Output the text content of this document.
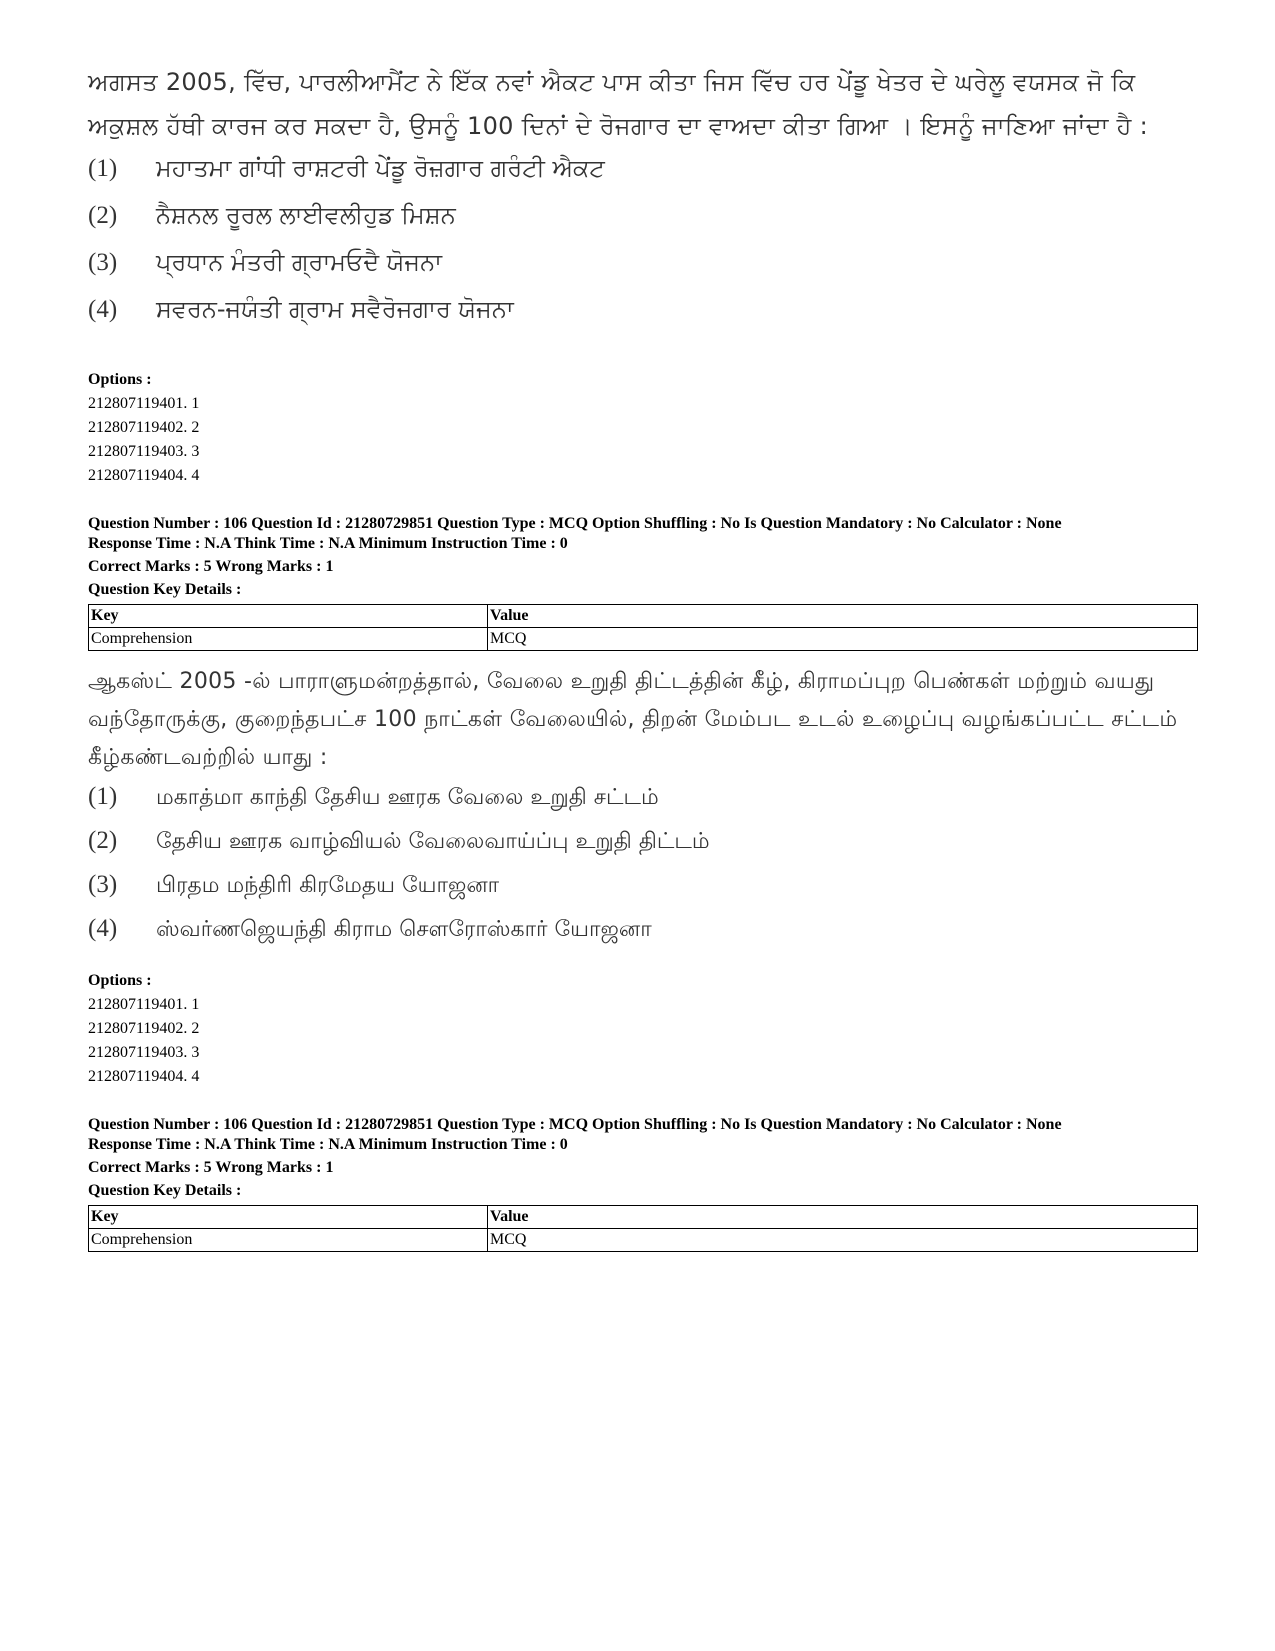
ਅਗਸਤ 2005, ਵਿੱਚ, ਪਾਰਲੀਆਮੈਂਟ ਨੇ ਇੱਕ ਨਵਾਂ ਐਕਟ ਪਾਸ ਕੀਤਾ ਜਿਸ ਵਿੱਚ ਹਰ ਪੇਂਡੂ ਖੇਤਰ ਦੇ ਘਰੇਲੂ ਵਯਸਕ ਜੋ ਕਿ ਅਕੁਸ਼ਲ ਹੱਥੀ ਕਾਰਜ ਕਰ ਸਕਦਾ ਹੈ, ਉਸਨੂੰ 100 ਦਿਨਾਂ ਦੇ ਰੋਜਗਾਰ ਦਾ ਵਾਅਦਾ ਕੀਤਾ ਗਿਆ । ਇਸਨੂੰ ਜਾਣਿਆ ਜਾਂਦਾ ਹੈ :
(1)	ਮਹਾਤਮਾ ਗਾਂਧੀ ਰਾਸ਼ਟਰੀ ਪੇਂਡੂ ਰੋਜ਼ਗਾਰ ਗਰੰਟੀ ਐਕਟ
(2)	ਨੈਸ਼ਨਲ ਰੂਰਲ ਲਾਈਵਲੀਹੁਡ ਮਿਸ਼ਨ
(3)	ਪ੍ਰਧਾਨ ਮੰਤਰੀ ਗ੍ਰਾਮਓਦੈ ਯੋਜਨਾ
(4)	ਸਵਰਨ-ਜਯੰਤੀ ਗ੍ਰਾਮ ਸਵੈਰੋਜਗਾਰ ਯੋਜਨਾ

Options :

212807119401. 1

212807119402. 2

212807119403. 3

212807119404. 4

Question Number : 106 Question Id : 21280729851 Question Type : MCQ Option Shuffling : No Is Question Mandatory : No Calculator : None

Response Time : N.A Think Time : N.A Minimum Instruction Time : 0

Correct Marks : 5 Wrong Marks : 1

Question Key Details :

Key	Value
Comprehension	MCQ
ஆகஸ்ட் 2005 -ல் பாராளுமன்றத்தால், வேலை உறுதி திட்டத்தின் கீழ், கிராமப்புற பெண்கள் மற்றும் வயது வந்தோருக்கு, குறைந்தபட்ச 100 நாட்கள் வேலையில், திறன் மேம்பட உடல் உழைப்பு வழங்கப்பட்ட சட்டம் கீழ்கண்டவற்றில் யாது :
(1)	மகாத்மா காந்தி தேசிய ஊரக வேலை உறுதி சட்டம்
(2)	தேசிய ஊரக வாழ்வியல் வேலைவாய்ப்பு உறுதி திட்டம்
(3)	பிரதம மந்திரி கிரமேதய யோஜனா
(4)	ஸ்வர்ணஜெயந்தி கிராம சௌரோஸ்கார் யோஜனா

Options :

212807119401. 1

212807119402. 2

212807119403. 3

212807119404. 4

Question Number : 106 Question Id : 21280729851 Question Type : MCQ Option Shuffling : No Is Question Mandatory : No Calculator : None

Response Time : N.A Think Time : N.A Minimum Instruction Time : 0

Correct Marks : 5 Wrong Marks : 1

Question Key Details :

Key	Value
Comprehension	MCQ
